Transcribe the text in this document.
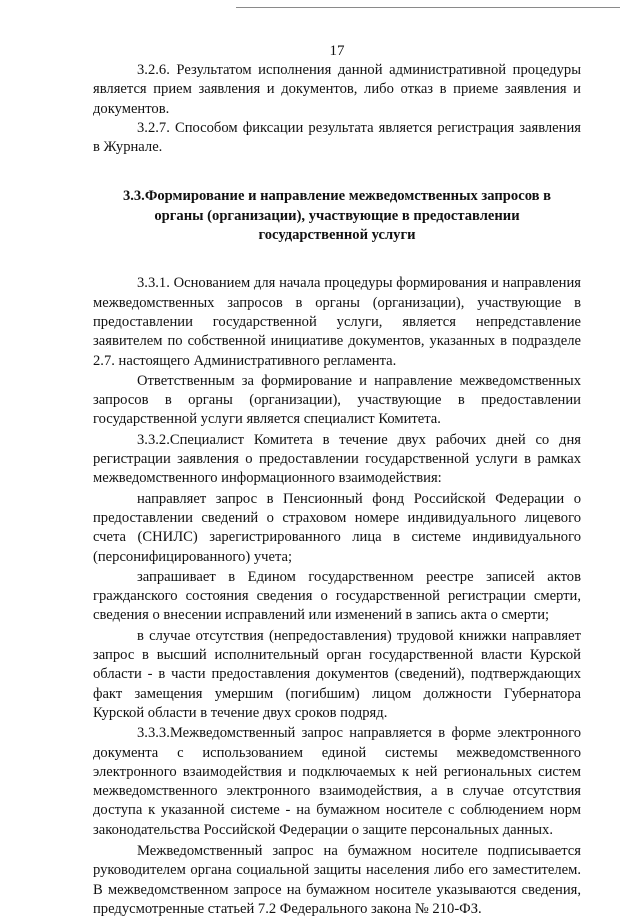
17

3.2.6. Результатом исполнения данной административной процедуры является прием заявления и документов, либо отказ в приеме заявления и документов.

3.2.7. Способом фиксации результата является регистрация заявления в Журнале.

3.3.Формирование и направление межведомственных запросов в органы (организации), участвующие в предоставлении государственной услуги

3.3.1. Основанием для начала процедуры формирования и направления межведомственных запросов в органы (организации), участвующие в предоставлении государственной услуги, является непредставление заявителем по собственной инициативе документов, указанных в подразделе 2.7. настоящего Административного регламента.

Ответственным за формирование и направление межведомственных запросов в органы (организации), участвующие в предоставлении государственной услуги является специалист Комитета.

3.3.2.Специалист Комитета в течение двух рабочих дней со дня регистрации заявления о предоставлении государственной услуги в рамках межведомственного информационного взаимодействия:

направляет запрос в Пенсионный фонд Российской Федерации о предоставлении сведений о страховом номере индивидуального лицевого счета (СНИЛС) зарегистрированного лица в системе индивидуального (персонифицированного) учета;

запрашивает в Едином государственном реестре записей актов гражданского состояния сведения о государственной регистрации смерти, сведения о внесении исправлений или изменений в запись акта о смерти;

в случае отсутствия (непредоставления) трудовой книжки направляет запрос в высший исполнительный орган государственной власти Курской области - в части предоставления документов (сведений), подтверждающих факт замещения умершим (погибшим) лицом должности Губернатора Курской области в течение двух сроков подряд.

3.3.3.Межведомственный запрос направляется в форме электронного документа с использованием единой системы межведомственного электронного взаимодействия и подключаемых к ней региональных систем межведомственного электронного взаимодействия, а в случае отсутствия доступа к указанной системе - на бумажном носителе с соблюдением норм законодательства Российской Федерации о защите персональных данных.

Межведомственный запрос на бумажном носителе подписывается руководителем органа социальной защиты населения либо его заместителем. В межведомственном запросе на бумажном носителе указываются сведения, предусмотренные статьей 7.2 Федерального закона № 210-ФЗ.
